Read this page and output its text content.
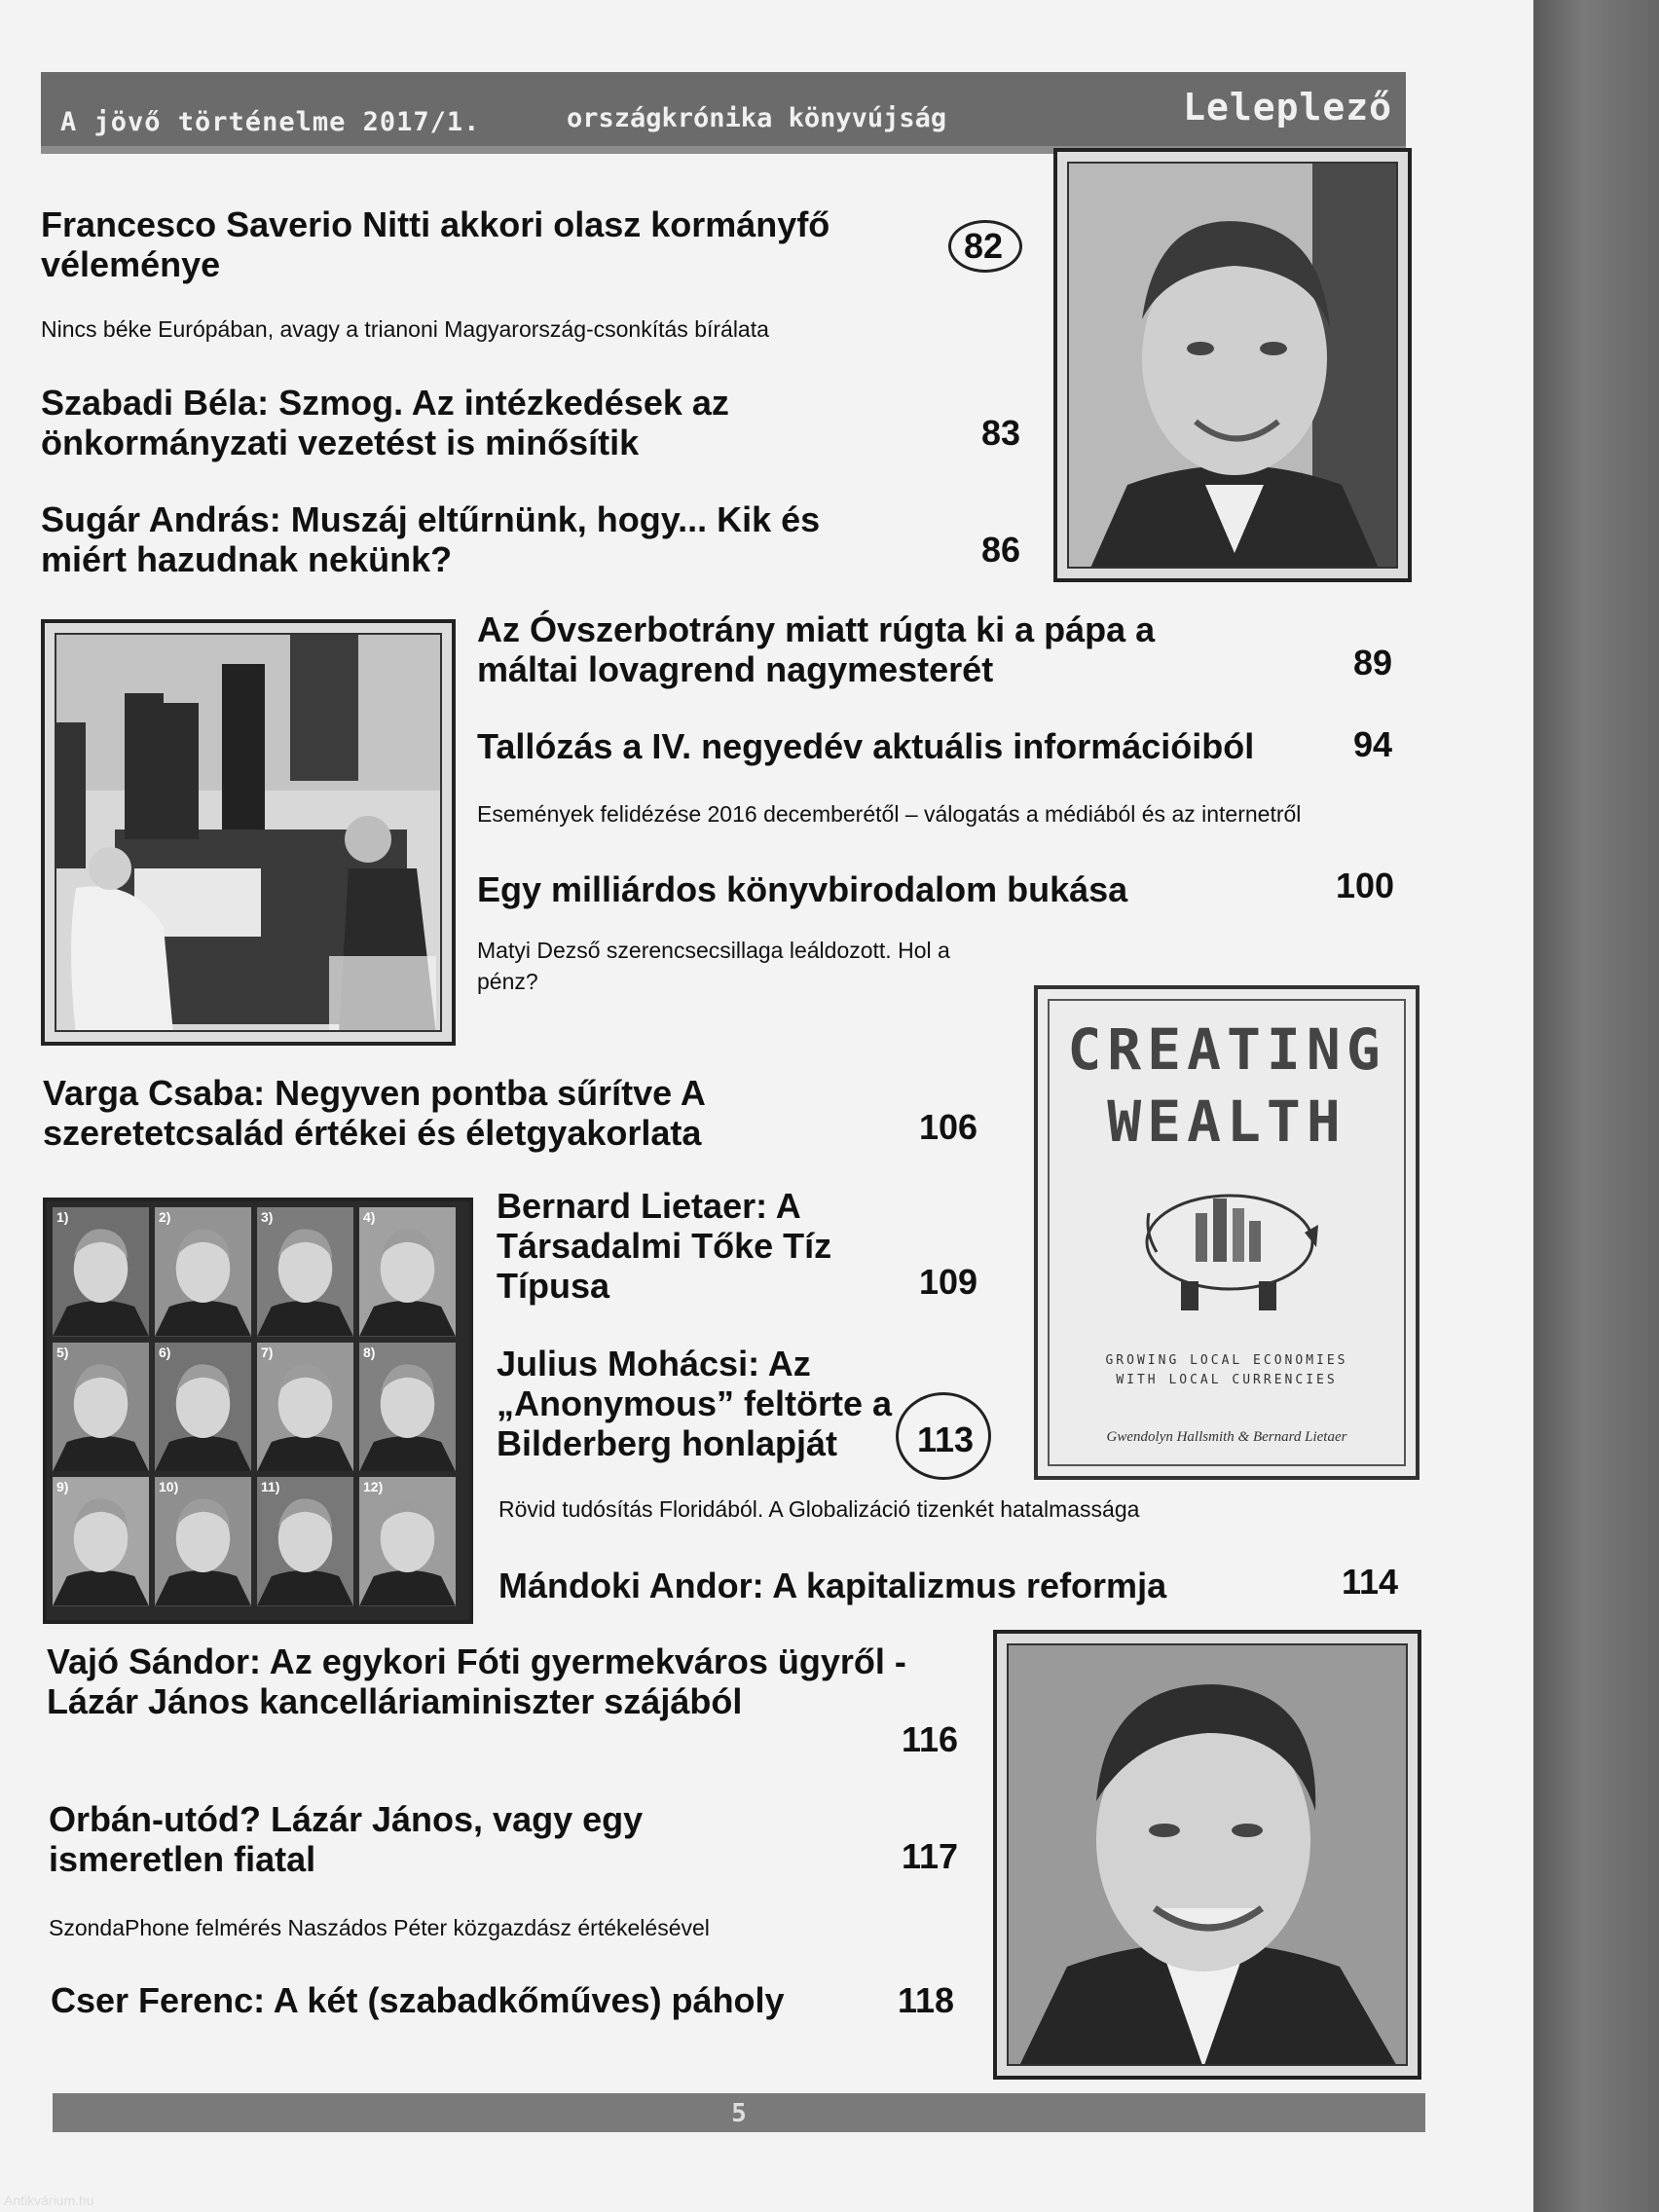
A jövő történelme 2017/1.	országkrónika könyvújság	Leleplező
Francesco Saverio Nitti akkori olasz kormányfő véleménye	82
Nincs béke Európában, avagy a trianoni Magyarország-csonkítás bírálata
Szabadi Béla: Szmog. Az intézkedések az önkormányzati vezetést is minősítik	83
Sugár András: Muszáj eltűrnünk, hogy... Kik és miért hazudnak nekünk?	86
Az Óvszerbotrány miatt rúgta ki a pápa a máltai lovagrend nagymesterét	89
Tallózás a IV. negyedév aktuális információiból	94
Események felidézése 2016 decemberétől – válogatás a médiából és az internetről
Egy milliárdos könyvbirodalom bukása	100
Matyi Dezső szerencsecsillaga leáldozott. Hol a pénz?
CREATING
WEALTH
GROWING LOCAL ECONOMIES
WITH LOCAL CURRENCIES
Gwendolyn Hallsmith & Bernard Lietaer
Varga Csaba: Negyven pontba sűrítve A szeretetcsalád értékei és életgyakorlata	106
1)	2)	3)	4)
5)	6)	7)	8)
9)	10)	11)	12)
Bernard Lietaer: A Társadalmi Tőke Tíz Típusa	109
Julius Mohácsi: Az „Anonymous” feltörte a Bilderberg honlapját	113
Rövid tudósítás Floridából. A Globalizáció tizenkét hatalmassága
Mándoki Andor: A kapitalizmus reformja	114
Vajó Sándor: Az egykori Fóti gyermekváros ügyről - Lázár János kancelláriaminiszter szájából
116
Orbán-utód? Lázár János, vagy egy ismeretlen fiatal	117
SzondaPhone felmérés Naszádos Péter közgazdász értékelésével
Cser Ferenc: A két (szabadkőműves) páholy	118
5
Antikvárium.hu
